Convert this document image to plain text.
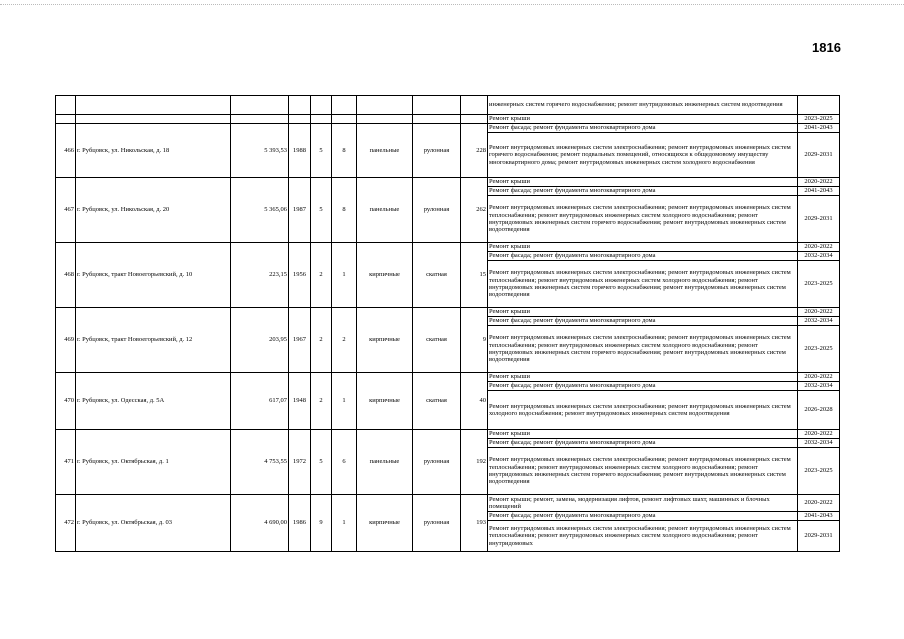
1816
									инженерных систем горячего водоснабжения; ремонт внутридомовых инженерных систем водоотведения	
									Ремонт крыши	2023-2025
466	г. Рубцовск, ул. Никольская, д. 18	5 393,53	1988	5	8	панельные	рулонная	228	Ремонт фасада; ремонт фундамента многоквартирного дома	2041-2043
									Ремонт внутридомовых инженерных систем электроснабжения; ремонт внутридомовых инженерных систем горячего водоснабжения; ремонт подвальных помещений, относящихся к общедомовому имуществу многоквартирного дома; ремонт внутридомовых инженерных систем холодного водоснабжения	2029-2031
467	г. Рубцовск, ул. Никольская, д. 20	5 365,06	1987	5	8	панельные	рулонная	262	Ремонт крыши	2020-2022
									Ремонт фасада; ремонт фундамента многоквартирного дома	2041-2043
									Ремонт внутридомовых инженерных систем электроснабжения; ремонт внутридомовых инженерных систем теплоснабжения; ремонт внутридомовых инженерных систем холодного водоснабжения; ремонт внутридомовых инженерных систем горячего водоснабжения; ремонт внутридомовых инженерных систем водоотведения	2029-2031
468	г. Рубцовск, тракт Новоегорьевский, д. 10	223,15	1956	2	1	кирпичные	скатная	15	Ремонт крыши	2020-2022
									Ремонт фасада; ремонт фундамента многоквартирного дома	2032-2034
									Ремонт внутридомовых инженерных систем электроснабжения; ремонт внутридомовых инженерных систем теплоснабжения; ремонт внутридомовых инженерных систем холодного водоснабжения; ремонт внутридомовых инженерных систем горячего водоснабжения; ремонт внутридомовых инженерных систем водоотведения	2023-2025
469	г. Рубцовск, тракт Новоегорьевский, д. 12	203,95	1967	2	2	кирпичные	скатная	9	Ремонт крыши	2020-2022
									Ремонт фасада; ремонт фундамента многоквартирного дома	2032-2034
									Ремонт внутридомовых инженерных систем электроснабжения; ремонт внутридомовых инженерных систем теплоснабжения; ремонт внутридомовых инженерных систем холодного водоснабжения; ремонт внутридомовых инженерных систем горячего водоснабжения; ремонт внутридомовых инженерных систем водоотведения	2023-2025
470	г. Рубцовск, ул. Одесская, д. 5А	617,07	1948	2	1	кирпичные	скатная	40	Ремонт крыши	2020-2022
									Ремонт фасада; ремонт фундамента многоквартирного дома	2032-2034
									Ремонт внутридомовых инженерных систем электроснабжения; ремонт внутридомовых инженерных систем холодного водоснабжения; ремонт внутридомовых инженерных систем водоотведения	2026-2028
471	г. Рубцовск, ул. Октябрьская, д. 1	4 753,55	1972	5	6	панельные	рулонная	192	Ремонт крыши	2020-2022
									Ремонт фасада; ремонт фундамента многоквартирного дома	2032-2034
									Ремонт внутридомовых инженерных систем электроснабжения; ремонт внутридомовых инженерных систем теплоснабжения; ремонт внутридомовых инженерных систем холодного водоснабжения; ремонт внутридомовых инженерных систем горячего водоснабжения; ремонт внутридомовых инженерных систем водоотведения	2023-2025
472	г. Рубцовск, ул. Октябрьская, д. 03	4 690,00	1986	9	1	кирпичные	рулонная	193	Ремонт крыши; ремонт, замена, модернизация лифтов, ремонт лифтовых шахт, машинных и блочных помещений	2020-2022
									Ремонт фасада; ремонт фундамента многоквартирного дома	2041-2043
									Ремонт внутридомовых инженерных систем электроснабжения; ремонт внутридомовых инженерных систем теплоснабжения; ремонт внутридомовых инженерных систем холодного водоснабжения; ремонт внутридомовых	2029-2031
